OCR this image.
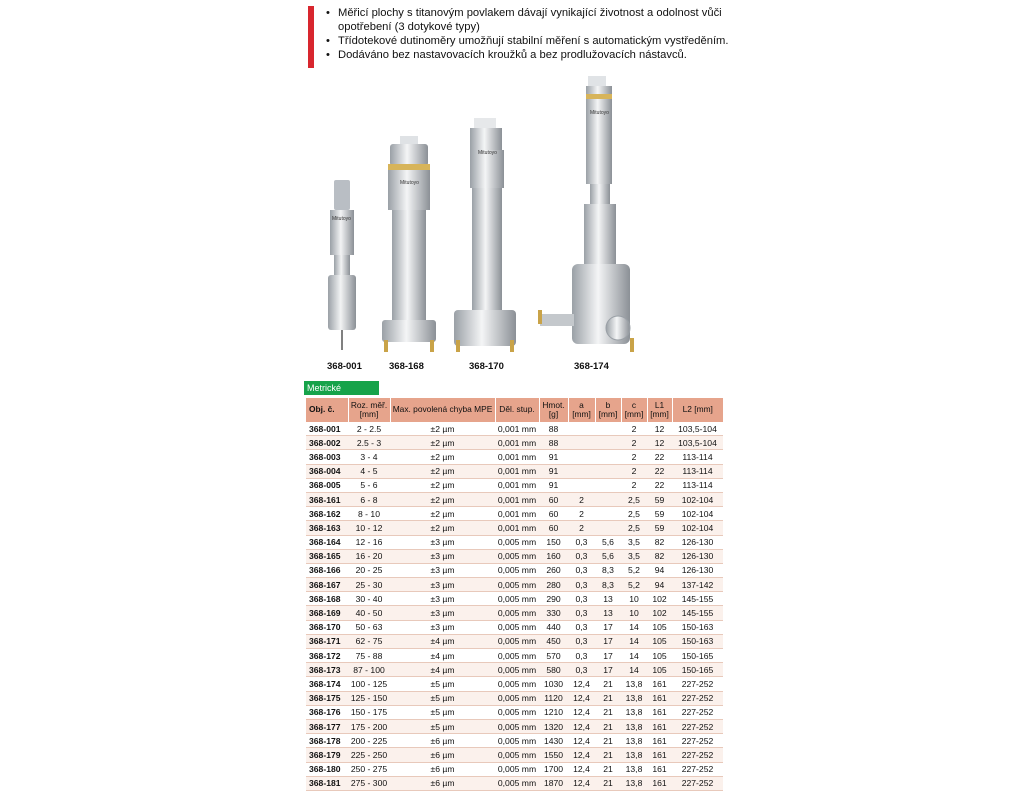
• Měřicí plochy s titanovým povlakem dávají vynikající životnost a odolnost vůči opotřebení (3 dotykové typy)
• Třídotekové dutinoměry umožňují stabilní měření s automatickým vystředěním.
• Dodáváno bez nastavovacích kroužků a bez prodlužovacích nástavců.
Mitutoyo
368-001
Mitutoyo
368-168
Mitutoyo
368-170
Mitutoyo
368-174
Metrické
Obj. č.	Roz. měř. [mm]	Max. povolená chyba MPE	Děl. stup.	Hmot. [g]	a [mm]	b [mm]	c [mm]	L1 [mm]	L2 [mm]
368-001	2 - 2.5	±2 µm	0,001 mm	88			2	12	103,5-104
368-002	2.5 - 3	±2 µm	0,001 mm	88			2	12	103,5-104
368-003	3 - 4	±2 µm	0,001 mm	91			2	22	113-114
368-004	4 - 5	±2 µm	0,001 mm	91			2	22	113-114
368-005	5 - 6	±2 µm	0,001 mm	91			2	22	113-114
368-161	6 - 8	±2 µm	0,001 mm	60	2		2,5	59	102-104
368-162	8 - 10	±2 µm	0,001 mm	60	2		2,5	59	102-104
368-163	10 - 12	±2 µm	0,001 mm	60	2		2,5	59	102-104
368-164	12 - 16	±3 µm	0,005 mm	150	0,3	5,6	3,5	82	126-130
368-165	16 - 20	±3 µm	0,005 mm	160	0,3	5,6	3,5	82	126-130
368-166	20 - 25	±3 µm	0,005 mm	260	0,3	8,3	5,2	94	126-130
368-167	25 - 30	±3 µm	0,005 mm	280	0,3	8,3	5,2	94	137-142
368-168	30 - 40	±3 µm	0,005 mm	290	0,3	13	10	102	145-155
368-169	40 - 50	±3 µm	0,005 mm	330	0,3	13	10	102	145-155
368-170	50 - 63	±3 µm	0,005 mm	440	0,3	17	14	105	150-163
368-171	62 - 75	±4 µm	0,005 mm	450	0,3	17	14	105	150-163
368-172	75 - 88	±4 µm	0,005 mm	570	0,3	17	14	105	150-165
368-173	87 - 100	±4 µm	0,005 mm	580	0,3	17	14	105	150-165
368-174	100 - 125	±5 µm	0,005 mm	1030	12,4	21	13,8	161	227-252
368-175	125 - 150	±5 µm	0,005 mm	1120	12,4	21	13,8	161	227-252
368-176	150 - 175	±5 µm	0,005 mm	1210	12,4	21	13,8	161	227-252
368-177	175 - 200	±5 µm	0,005 mm	1320	12,4	21	13,8	161	227-252
368-178	200 - 225	±6 µm	0,005 mm	1430	12,4	21	13,8	161	227-252
368-179	225 - 250	±6 µm	0,005 mm	1550	12,4	21	13,8	161	227-252
368-180	250 - 275	±6 µm	0,005 mm	1700	12,4	21	13,8	161	227-252
368-181	275 - 300	±6 µm	0,005 mm	1870	12,4	21	13,8	161	227-252
